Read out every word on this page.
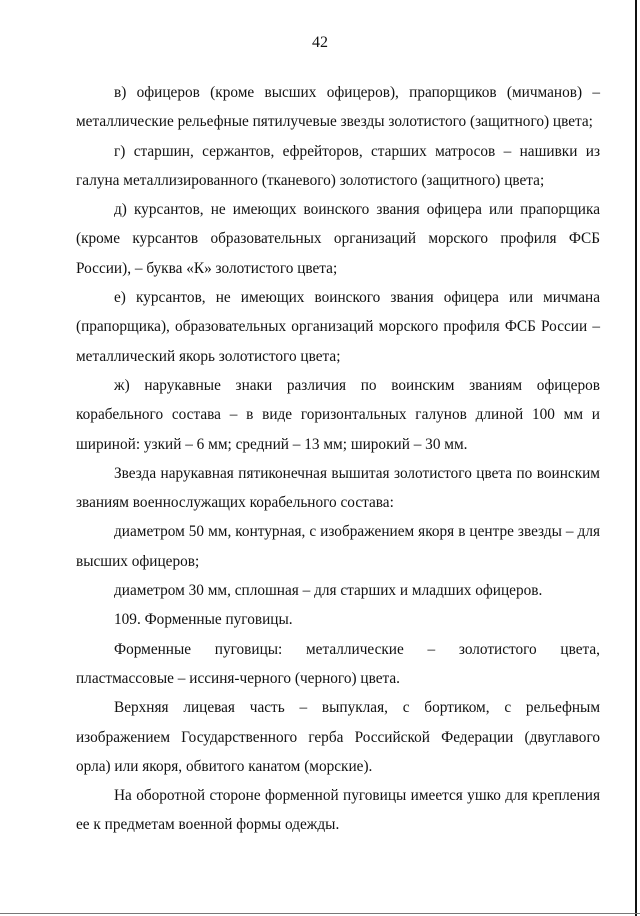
42

в) офицеров (кроме высших офицеров), прапорщиков (мичманов) – металлические рельефные пятилучевые звезды золотистого (защитного) цвета;

г) старшин, сержантов, ефрейторов, старших матросов – нашивки из галуна металлизированного (тканевого) золотистого (защитного) цвета;

д) курсантов, не имеющих воинского звания офицера или прапорщика (кроме курсантов образовательных организаций морского профиля ФСБ России), – буква «К» золотистого цвета;

е) курсантов, не имеющих воинского звания офицера или мичмана (прапорщика), образовательных организаций морского профиля ФСБ России – металлический якорь золотистого цвета;

ж) нарукавные знаки различия по воинским званиям офицеров корабельного состава – в виде горизонтальных галунов длиной 100 мм и шириной: узкий – 6 мм; средний – 13 мм; широкий – 30 мм.

Звезда нарукавная пятиконечная вышитая золотистого цвета по воинским званиям военнослужащих корабельного состава:

диаметром 50 мм, контурная, с изображением якоря в центре звезды – для высших офицеров;

диаметром 30 мм, сплошная – для старших и младших офицеров.

109. Форменные пуговицы.

Форменные пуговицы: металлические – золотистого цвета, пластмассовые – иссиня-черного (черного) цвета.

Верхняя лицевая часть – выпуклая, с бортиком, с рельефным изображением Государственного герба Российской Федерации (двуглавого орла) или якоря, обвитого канатом (морские).

На оборотной стороне форменной пуговицы имеется ушко для крепления ее к предметам военной формы одежды.
